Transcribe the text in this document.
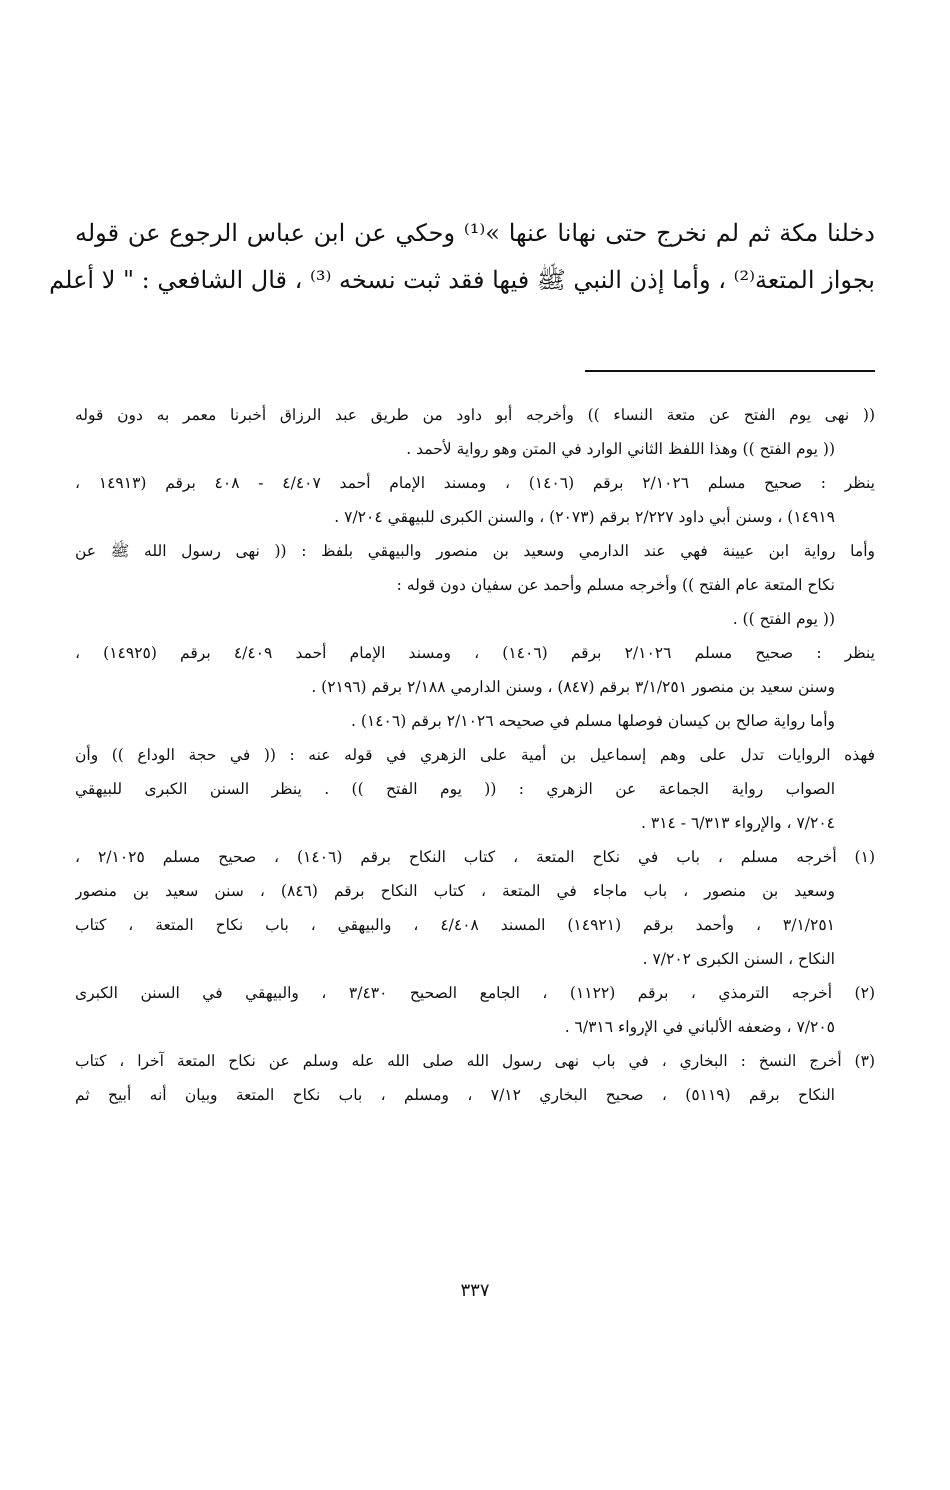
دخلنا مكة ثم لم نخرج حتى نهانا عنها »⁽¹⁾ وحكي عن ابن عباس الرجوع عن قوله
بجواز المتعة⁽²⁾ ، وأما إذن النبي ﷺ فيها فقد ثبت نسخه ⁽³⁾ ، قال الشافعي : " لا أعلم
(( نهى يوم الفتح عن متعة النساء )) وأخرجه أبو داود من طريق عبد الرزاق أخبرنا معمر به دون قوله
(( يوم الفتح )) وهذا اللفظ الثاني الوارد في المتن وهو رواية لأحمد .
ينظر : صحيح مسلم ٢/١٠٢٦ برقم (١٤٠٦) ، ومسند الإمام أحمد ٤/٤٠٧ - ٤٠٨ برقم (١٤٩١٣ ،
١٤٩١٩) ، وسنن أبي داود ٢/٢٢٧ برقم (٢٠٧٣) ، والسنن الكبرى للبيهقي ٧/٢٠٤ .
وأما رواية ابن عيينة فهي عند الدارمي وسعيد بن منصور والبيهقي بلفظ : (( نهى رسول الله ﷺ عن
نكاح المتعة عام الفتح )) وأخرجه مسلم وأحمد عن سفيان دون قوله :
(( يوم الفتح )) .
ينظر : صحيح مسلم ٢/١٠٢٦ برقم (١٤٠٦) ، ومسند الإمام أحمد ٤/٤٠٩ برقم (١٤٩٢٥) ،
وسنن سعيد بن منصور ٣/١/٢٥١ برقم (٨٤٧) ، وسنن الدارمي ٢/١٨٨ برقم (٢١٩٦) .
وأما رواية صالح بن كيسان فوصلها مسلم في صحيحه ٢/١٠٢٦ برقم (١٤٠٦) .
فهذه الروايات تدل على وهم إسماعيل بن أمية على الزهري في قوله عنه : (( في حجة الوداع )) وأن
الصواب رواية الجماعة عن الزهري : (( يوم الفتح )) . ينظر السنن الكبرى للبيهقي
٧/٢٠٤ ، والإرواء ٦/٣١٣ - ٣١٤ .
(١) أخرجه مسلم ، باب في نكاح المتعة ، كتاب النكاح برقم (١٤٠٦) ، صحيح مسلم ٢/١٠٢٥ ،
وسعيد بن منصور ، باب ماجاء في المتعة ، كتاب النكاح برقم (٨٤٦) ، سنن سعيد بن منصور
٣/١/٢٥١ ، وأحمد برقم (١٤٩٢١) المسند ٤/٤٠٨ ، والبيهقي ، باب نكاح المتعة ، كتاب
النكاح ، السنن الكبرى ٧/٢٠٢ .
(٢) أخرجه الترمذي ، برقم (١١٢٢) ، الجامع الصحيح ٣/٤٣٠ ، والبيهقي في السنن الكبرى
٧/٢٠٥ ، وضعفه الألباني في الإرواء ٦/٣١٦ .
(٣) أخرج النسخ : البخاري ، في باب نهى رسول الله صلى الله عله وسلم عن نكاح المتعة آخرا ، كتاب
النكاح برقم (٥١١٩) ، صحيح البخاري ٧/١٢ ، ومسلم ، باب نكاح المتعة وبيان أنه أبيح ثم
٣٣٧
